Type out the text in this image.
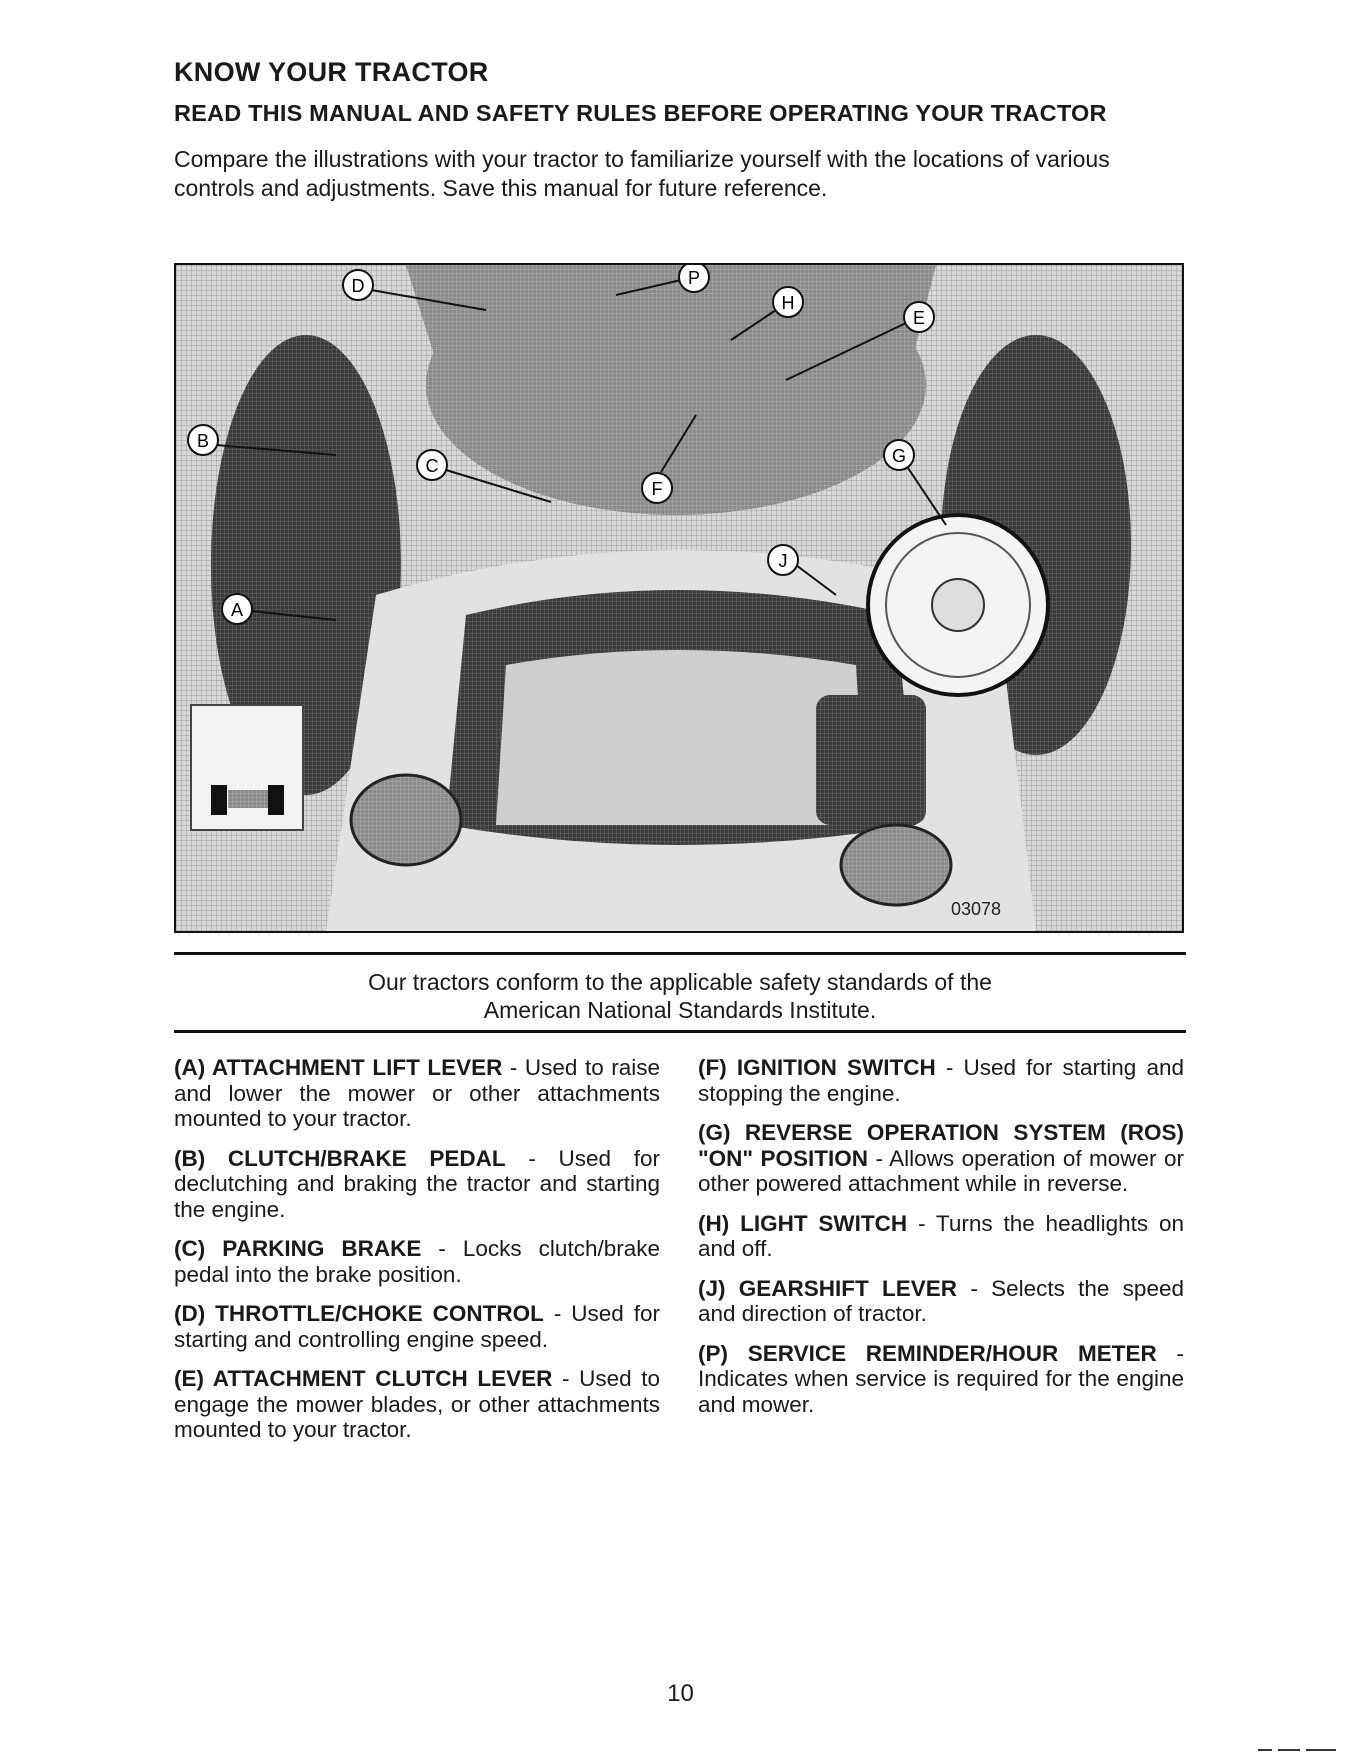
KNOW YOUR TRACTOR
READ THIS MANUAL AND SAFETY RULES BEFORE OPERATING YOUR TRACTOR
Compare the illustrations with your tractor to familiarize yourself with the locations of various controls and adjustments. Save this manual for future reference.
D	P
H
E
B
C
F
G
J
A
03078
Our tractors conform to the applicable safety standards of the
American National Standards Institute.

(A) ATTACHMENT LIFT LEVER - Used to raise and lower the mower or other attachments mounted to your tractor.

(B) CLUTCH/BRAKE PEDAL - Used for declutching and braking the tractor and starting the engine.

(C) PARKING BRAKE - Locks clutch/brake pedal into the brake position.

(D) THROTTLE/CHOKE CONTROL - Used for starting and controlling engine speed.

(E) ATTACHMENT CLUTCH LEVER - Used to engage the mower blades, or other attachments mounted to your tractor.

(F) IGNITION SWITCH - Used for starting and stopping the engine.

(G) REVERSE OPERATION SYSTEM (ROS) "ON" POSITION - Allows operation of mower or other powered attachment while in reverse.

(H) LIGHT SWITCH - Turns the headlights on and off.

(J) GEARSHIFT LEVER - Selects the speed and direction of tractor.

(P) SERVICE REMINDER/HOUR METER - Indicates when service is required for the engine and mower.

10
